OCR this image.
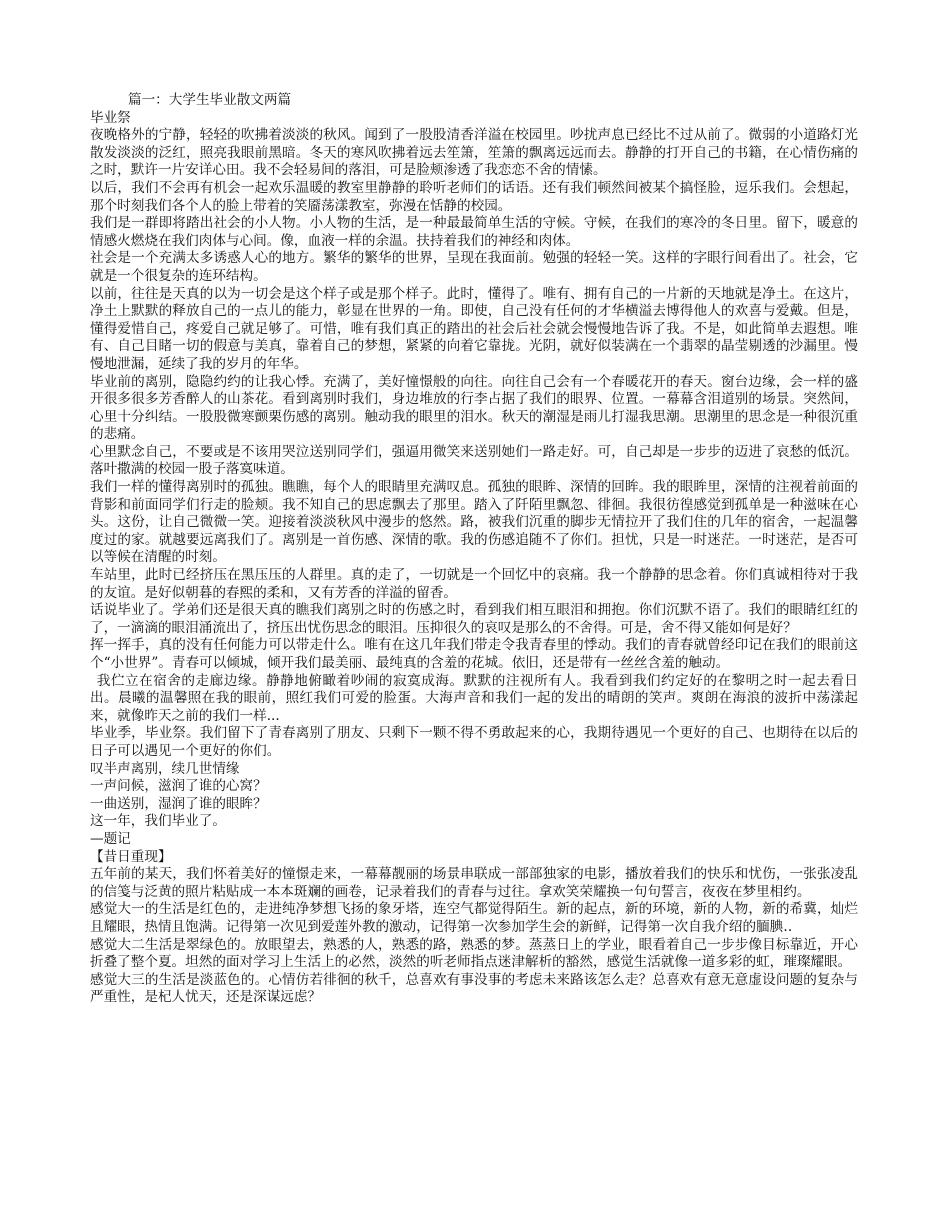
篇一：大学生毕业散文两篇

毕业祭

夜晚格外的宁静，轻轻的吹拂着淡淡的秋风。闻到了一股股清香洋溢在校园里。吵扰声息已经比不过从前了。微弱的小道路灯光散发淡淡的泛红，照亮我眼前黑暗。冬天的寒风吹拂着远去笙箫，笙箫的飘离远远而去。静静的打开自己的书籍，在心情伤痛的之时，默许一片安详心田。我不会轻易间的落泪，可是脸颊渗透了我恋恋不舍的情愫。

以后，我们不会再有机会一起欢乐温暖的教室里静静的聆听老师们的话语。还有我们顿然间被某个搞怪脸，逗乐我们。会想起，那个时刻我们各个人的脸上带着的笑靥荡漾教室，弥漫在恬静的校园。

我们是一群即将踏出社会的小人物。小人物的生活，是一种最最简单生活的守候。守候，在我们的寒冷的冬日里。留下，暖意的情感火燃烧在我们肉体与心间。像，血液一样的余温。扶持着我们的神经和肉体。

社会是一个充满太多诱惑人心的地方。繁华的繁华的世界，呈现在我面前。勉强的轻轻一笑。这样的字眼行间看出了。社会，它就是一个很复杂的连环结构。

以前，往往是天真的以为一切会是这个样子或是那个样子。此时，懂得了。唯有、拥有自己的一片新的天地就是净土。在这片，净土上默默的释放自己的一点儿的能力，彰显在世界的一角。即使，自己没有任何的才华横溢去博得他人的欢喜与爱戴。但是，懂得爱惜自己，疼爱自己就足够了。可惜，唯有我们真正的踏出的社会后社会就会慢慢地告诉了我。不是，如此简单去遐想。唯有、自己目睹一切的假意与美真，靠着自己的梦想，紧紧的向着它靠拢。光阴，就好似装满在一个翡翠的晶莹剔透的沙漏里。慢慢地泄漏，延续了我的岁月的年华。

毕业前的离别，隐隐约约的让我心悸。充满了，美好憧憬般的向往。向往自己会有一个春暖花开的春天。窗台边缘，会一样的盛开很多很多芳香醉人的山茶花。看到离别时我们，身边堆放的行李占据了我们的眼界、位置。一幕幕含泪道别的场景。突然间，心里十分纠结。一股股微寒颤栗伤感的离别。触动我的眼里的泪水。秋天的潮湿是雨儿打湿我思潮。思潮里的思念是一种很沉重的悲痛。

心里默念自己，不要或是不该用哭泣送别同学们，强逼用微笑来送别她们一路走好。可，自己却是一步步的迈进了哀愁的低沉。落叶撒满的校园一股子落寞味道。

我们一样的懂得离别时的孤独。瞧瞧，每个人的眼睛里充满叹息。孤独的眼眸、深情的回眸。我的眼眸里，深情的注视着前面的背影和前面同学们行走的脸颊。我不知自己的思虑飘去了那里。踏入了阡陌里飘忽、徘徊。我很彷徨感觉到孤单是一种滋味在心头。这份，让自己微微一笑。迎接着淡淡秋风中漫步的悠然。路，被我们沉重的脚步无情拉开了我们住的几年的宿舍，一起温馨度过的家。就越要远离我们了。离别是一首伤感、深情的歌。我的伤感追随不了你们。担忧，只是一时迷茫。一时迷茫，是否可以等候在清醒的时刻。

车站里，此时已经挤压在黑压压的人群里。真的走了，一切就是一个回忆中的哀痛。我一个静静的思念着。你们真诚相待对于我的友谊。是好似朝暮的春熙的柔和，又有芳香的洋溢的留香。

话说毕业了。学弟们还是很天真的瞧我们离别之时的伤感之时，看到我们相互眼泪和拥抱。你们沉默不语了。我们的眼睛红红的了，一滴滴的眼泪涌流出了，挤压出忧伤思念的眼泪。压抑很久的哀叹是那么的不舍得。可是，舍不得又能如何是好？

挥一挥手，真的没有任何能力可以带走什么。唯有在这几年我们带走令我青春里的悸动。我们的青春就曾经印记在我们的眼前这个“小世界”。青春可以倾城，倾开我们最美丽、最纯真的含羞的花城。依旧，还是带有一丝丝含羞的触动。

我伫立在宿舍的走廊边缘。静静地俯瞰着吵闹的寂寞成海。默默的注视所有人。我看到我们约定好的在黎明之时一起去看日出。晨曦的温馨照在我的眼前，照红我们可爱的脸蛋。大海声音和我们一起的发出的晴朗的笑声。爽朗在海浪的波折中荡漾起来，就像昨天之前的我们一样...

毕业季，毕业祭。我们留下了青春离别了朋友、只剩下一颗不得不勇敢起来的心，我期待遇见一个更好的自己、也期待在以后的日子可以遇见一个更好的你们。

叹半声离别，续几世情缘

一声问候，滋润了谁的心窝？

一曲送别，湿润了谁的眼眸？

这一年，我们毕业了。

—题记

【昔日重现】

五年前的某天，我们怀着美好的憧憬走来，一幕幕靓丽的场景串联成一部部独家的电影，播放着我们的快乐和忧伤，一张张凌乱的信笺与泛黄的照片粘贴成一本本斑斓的画卷，记录着我们的青春与过往。拿欢笑荣耀换一句句誓言，夜夜在梦里相约。

感觉大一的生活是红色的，走进纯净梦想飞扬的象牙塔，连空气都觉得陌生。新的起点，新的环境，新的人物，新的希冀，灿烂且耀眼，热情且饱满。记得第一次见到爱莲外教的激动，记得第一次参加学生会的新鲜，记得第一次自我介绍的腼腆‥

感觉大二生活是翠绿色的。放眼望去，熟悉的人，熟悉的路，熟悉的梦。蒸蒸日上的学业，眼看着自己一步步像目标靠近，开心折叠了整个夏。坦然的面对学习上生活上的必然，淡然的听老师指点迷津解析的豁然，感觉生活就像一道多彩的虹，璀璨耀眼。

感觉大三的生活是淡蓝色的。心情仿若徘徊的秋千，总喜欢有事没事的考虑未来路该怎么走？总喜欢有意无意虚设问题的复杂与严重性，是杞人忧天，还是深谋远虑？
